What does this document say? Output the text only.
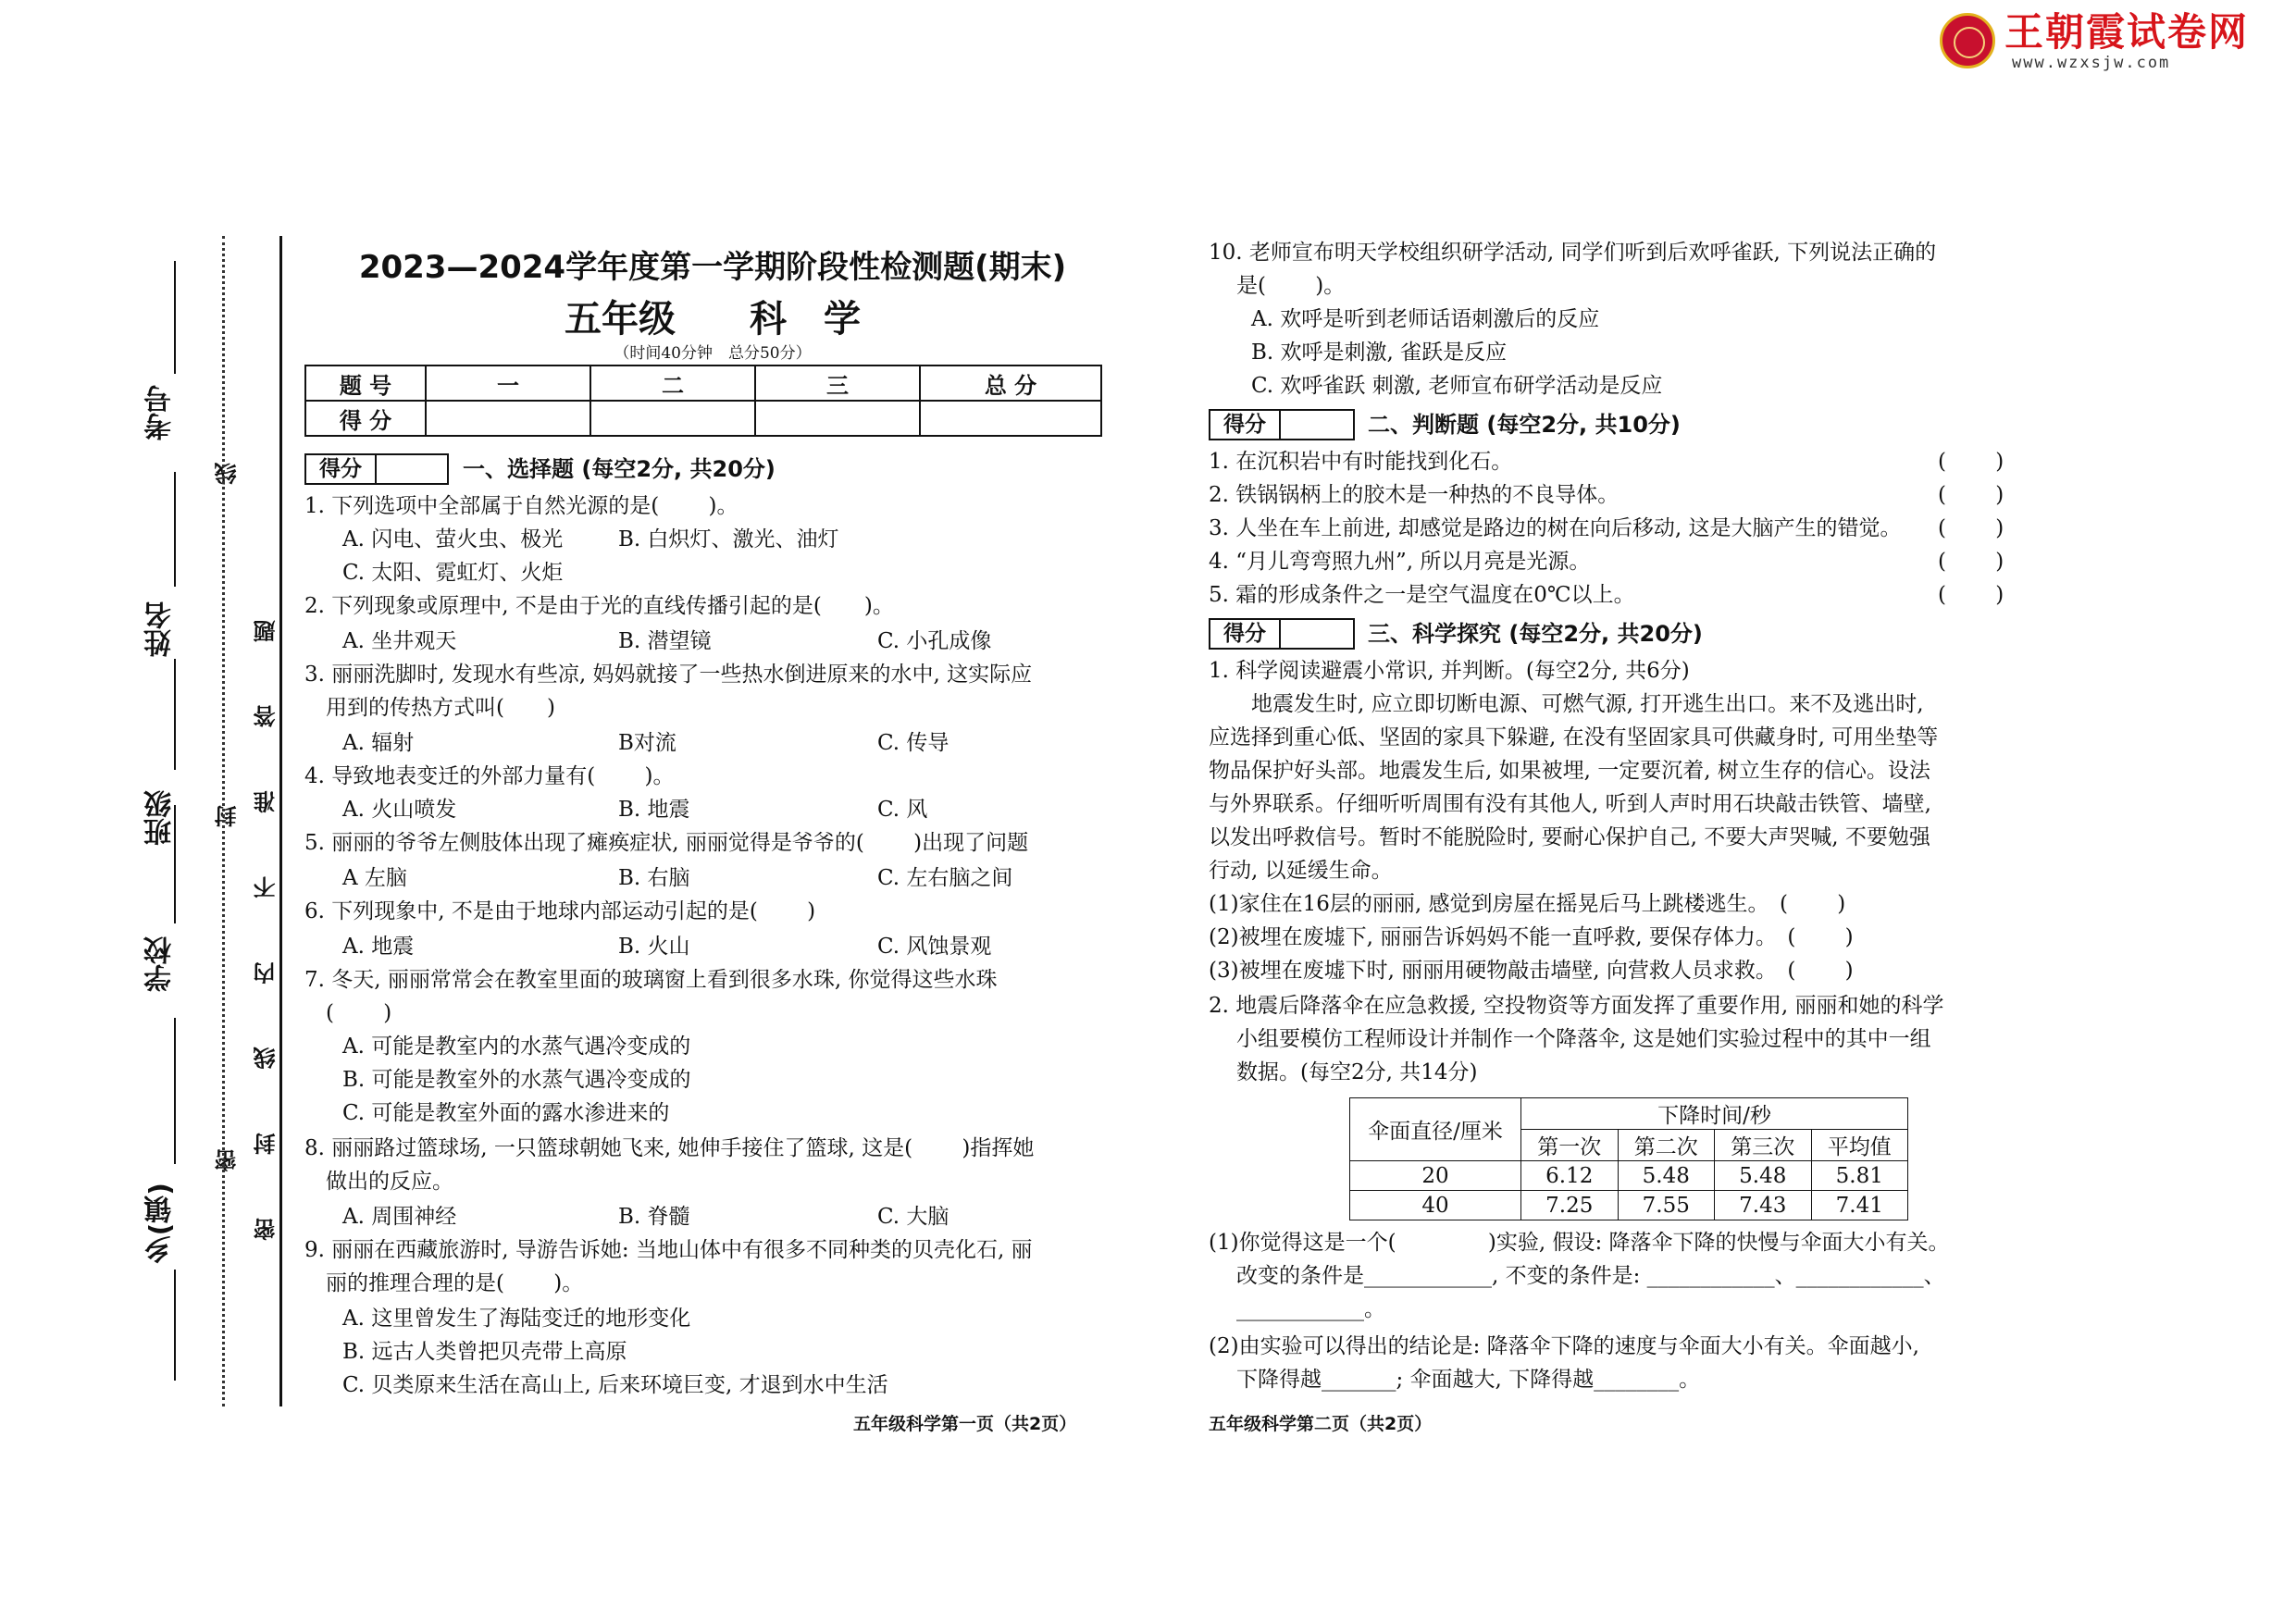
王朝霞试卷网
www.wzxsjw.com
考号
姓名
班级
学校
乡(镇)
线
封
密 密 封 线 内 不 准 答 题
2023—2024学年度第一学期阶段性检测题(期末)
五年级　　科　学
（时间40分钟　总分50分）
题 号	一	二	三	总 分
得 分				
得分	一、选择题 (每空2分, 共20分)
1. 下列选项中全部属于自然光源的是(　　 )。
A. 闪电、萤火虫、极光	B. 白炽灯、激光、油灯
C. 太阳、霓虹灯、火炬
2. 下列现象或原理中, 不是由于光的直线传播引起的是(　　)。
A. 坐井观天	B. 潜望镜	C. 小孔成像
3. 丽丽洗脚时, 发现水有些凉, 妈妈就接了一些热水倒进原来的水中, 这实际应
用到的传热方式叫(　　)
A. 辐射	B对流	C. 传导
4. 导致地表变迁的外部力量有(　　 )。
A. 火山喷发	B. 地震	C. 风
5. 丽丽的爷爷左侧肢体出现了瘫痪症状, 丽丽觉得是爷爷的(　　 )出现了问题
A 左脑	B. 右脑	C. 左右脑之间
6. 下列现象中, 不是由于地球内部运动引起的是(　　 )
A. 地震	B. 火山	C. 风蚀景观
7. 冬天, 丽丽常常会在教室里面的玻璃窗上看到很多水珠, 你觉得这些水珠
(　　 )
A. 可能是教室内的水蒸气遇冷变成的
B. 可能是教室外的水蒸气遇冷变成的
C. 可能是教室外面的露水渗进来的
8. 丽丽路过篮球场, 一只篮球朝她飞来, 她伸手接住了篮球, 这是(　　 )指挥她
做出的反应。
A. 周围神经	B. 脊髓	C. 大脑
9. 丽丽在西藏旅游时, 导游告诉她: 当地山体中有很多不同种类的贝壳化石, 丽
丽的推理合理的是(　　 )。
A. 这里曾发生了海陆变迁的地形变化
B. 远古人类曾把贝壳带上高原
C. 贝类原来生活在高山上, 后来环境巨变, 才退到水中生活
10. 老师宣布明天学校组织研学活动, 同学们听到后欢呼雀跃, 下列说法正确的
是(　　 )。
A. 欢呼是听到老师话语刺激后的反应
B. 欢呼是刺激, 雀跃是反应
C. 欢呼雀跃 刺激, 老师宣布研学活动是反应
得分	二、判断题 (每空2分, 共10分)
1. 在沉积岩中有时能找到化石。	(　　 )
2. 铁锅锅柄上的胶木是一种热的不良导体。	(　　 )
3. 人坐在车上前进, 却感觉是路边的树在向后移动, 这是大脑产生的错觉。 (　　 )
4. “月儿弯弯照九州”, 所以月亮是光源。	(　　 )
5. 霜的形成条件之一是空气温度在0℃以上。	(　　 )
得分	三、科学探究 (每空2分, 共20分)
1. 科学阅读避震小常识, 并判断。(每空2分, 共6分)
地震发生时, 应立即切断电源、可燃气源, 打开逃生出口。来不及逃出时,
应选择到重心低、坚固的家具下躲避, 在没有坚固家具可供藏身时, 可用坐垫等
物品保护好头部。地震发生后, 如果被埋, 一定要沉着, 树立生存的信心。设法
与外界联系。仔细听听周围有没有其他人, 听到人声时用石块敲击铁管、墙壁,
以发出呼救信号。暂时不能脱险时, 要耐心保护自己, 不要大声哭喊, 不要勉强
行动, 以延缓生命。
(1)家住在16层的丽丽, 感觉到房屋在摇晃后马上跳楼逃生。　(　　 )
(2)被埋在废墟下, 丽丽告诉妈妈不能一直呼救, 要保存体力。　(　　 )
(3)被埋在废墟下时, 丽丽用硬物敲击墙壁, 向营救人员求救。　(　　 )
2. 地震后降落伞在应急救援, 空投物资等方面发挥了重要作用, 丽丽和她的科学
小组要模仿工程师设计并制作一个降落伞, 这是她们实验过程中的其中一组
数据。(每空2分, 共14分)
伞面直径/厘米	下降时间/秒			
	第一次	第二次	第三次	平均值
20	6.12	5.48	5.48	5.81
40	7.25	7.55	7.43	7.41
(1)你觉得这是一个(　　　　 )实验, 假设: 降落伞下降的快慢与伞面大小有关。
改变的条件是____________, 不变的条件是: ____________、____________、
____________。
(2)由实验可以得出的结论是: 降落伞下降的速度与伞面大小有关。伞面越小,
下降得越_______; 伞面越大, 下降得越________。
五年级科学第一页（共2页）	五年级科学第二页（共2页）
